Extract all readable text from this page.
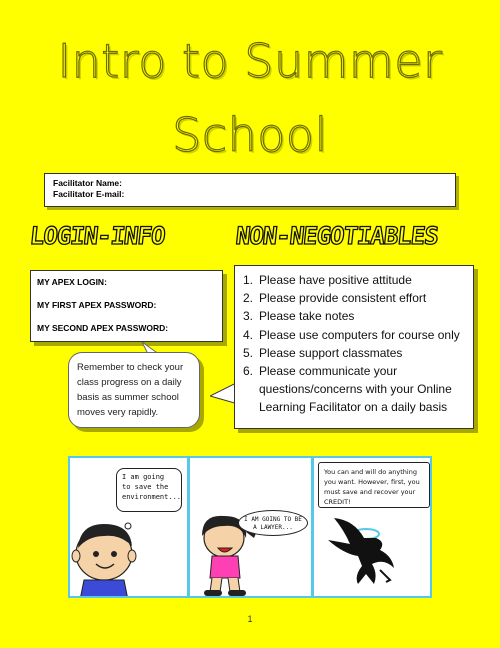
Intro to Summer
School
Facilitator Name:
Facilitator E-mail:
LOGIN-INFO	NON-NEGOTIABLES
MY APEX LOGIN:
MY FIRST APEX PASSWORD:
MY SECOND APEX PASSWORD:
Remember to check your class progress on a daily basis as summer school moves very rapidly.
1. Please have positive attitude
2. Please provide consistent effort
3. Please take notes
4. Please use computers for course only
5. Please support classmates
6. Please communicate your questions/concerns with your Online Learning Facilitator on a daily basis
I am going to save the environment...
I AM GOING TO BE A LAWYER...
You can and will do anything you want. However, first, you must save and recover your CREDIT!
1
